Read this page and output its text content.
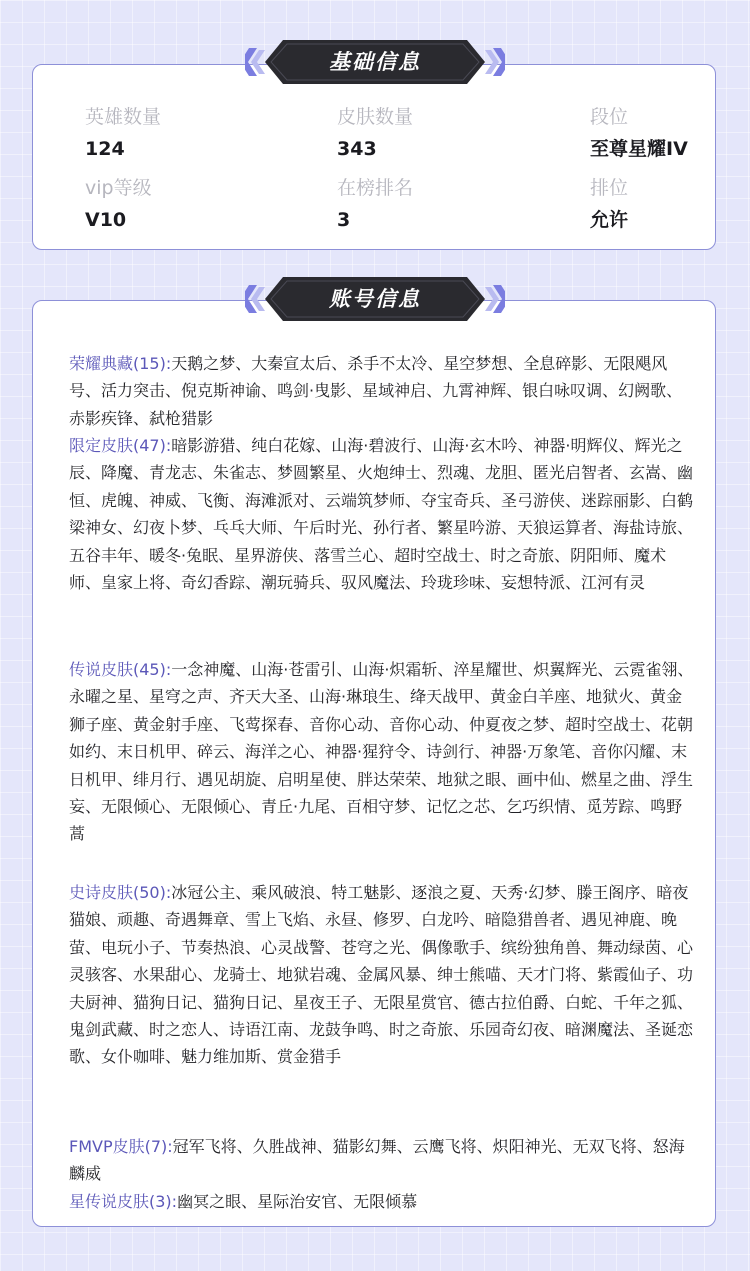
英雄数量
124
皮肤数量
343
段位
至尊星耀IV
vip等级
V10
在榜排名
3
排位
允许
基础信息
荣耀典藏(15):天鹅之梦、大秦宣太后、杀手不太冷、星空梦想、全息碎影、无限飓风号、活力突击、倪克斯神谕、鸣剑·曳影、星域神启、九霄神辉、银白咏叹调、幻阙歌、赤影疾锋、弑枪猎影
限定皮肤(47):暗影游猎、纯白花嫁、山海·碧波行、山海·玄木吟、神器·明辉仪、辉光之辰、降魔、青龙志、朱雀志、梦圆繁星、火炮绅士、烈魂、龙胆、匿光启智者、玄嵩、幽恒、虎魄、神威、飞衡、海滩派对、云端筑梦师、夺宝奇兵、圣弓游侠、迷踪丽影、白鹤梁神女、幻夜卜梦、乓乓大师、午后时光、孙行者、繁星吟游、天狼运算者、海盐诗旅、五谷丰年、暖冬·兔眠、星界游侠、落雪兰心、超时空战士、时之奇旅、阴阳师、魔术师、皇家上将、奇幻香踪、潮玩骑兵、驭风魔法、玲珑珍味、妄想特派、江河有灵
传说皮肤(45):一念神魔、山海·苍雷引、山海·炽霜斩、淬星耀世、炽翼辉光、云霓雀翎、永曜之星、星穹之声、齐天大圣、山海·琳琅生、绛天战甲、黄金白羊座、地狱火、黄金狮子座、黄金射手座、飞莺探春、音你心动、音你心动、仲夏夜之梦、超时空战士、花朝如约、末日机甲、碎云、海洋之心、神器·猩狩令、诗剑行、神器·万象笔、音你闪耀、末日机甲、绯月行、遇见胡旋、启明星使、胖达荣荣、地狱之眼、画中仙、燃星之曲、浮生妄、无限倾心、无限倾心、青丘·九尾、百相守梦、记忆之芯、乞巧织情、觅芳踪、鸣野蒿
史诗皮肤(50):冰冠公主、乘风破浪、特工魅影、逐浪之夏、天秀·幻梦、滕王阁序、暗夜猫娘、顽趣、奇遇舞章、雪上飞焰、永昼、修罗、白龙吟、暗隐猎兽者、遇见神鹿、晚萤、电玩小子、节奏热浪、心灵战警、苍穹之光、偶像歌手、缤纷独角兽、舞动绿茵、心灵骇客、水果甜心、龙骑士、地狱岩魂、金属风暴、绅士熊喵、天才门将、紫霞仙子、功夫厨神、猫狗日记、猫狗日记、星夜王子、无限星赏官、德古拉伯爵、白蛇、千年之狐、鬼剑武藏、时之恋人、诗语江南、龙鼓争鸣、时之奇旅、乐园奇幻夜、暗渊魔法、圣诞恋歌、女仆咖啡、魅力维加斯、赏金猎手
FMVP皮肤(7):冠军飞将、久胜战神、猫影幻舞、云鹰飞将、炽阳神光、无双飞将、怒海麟威
星传说皮肤(3):幽冥之眼、星际治安官、无限倾慕
账号信息
